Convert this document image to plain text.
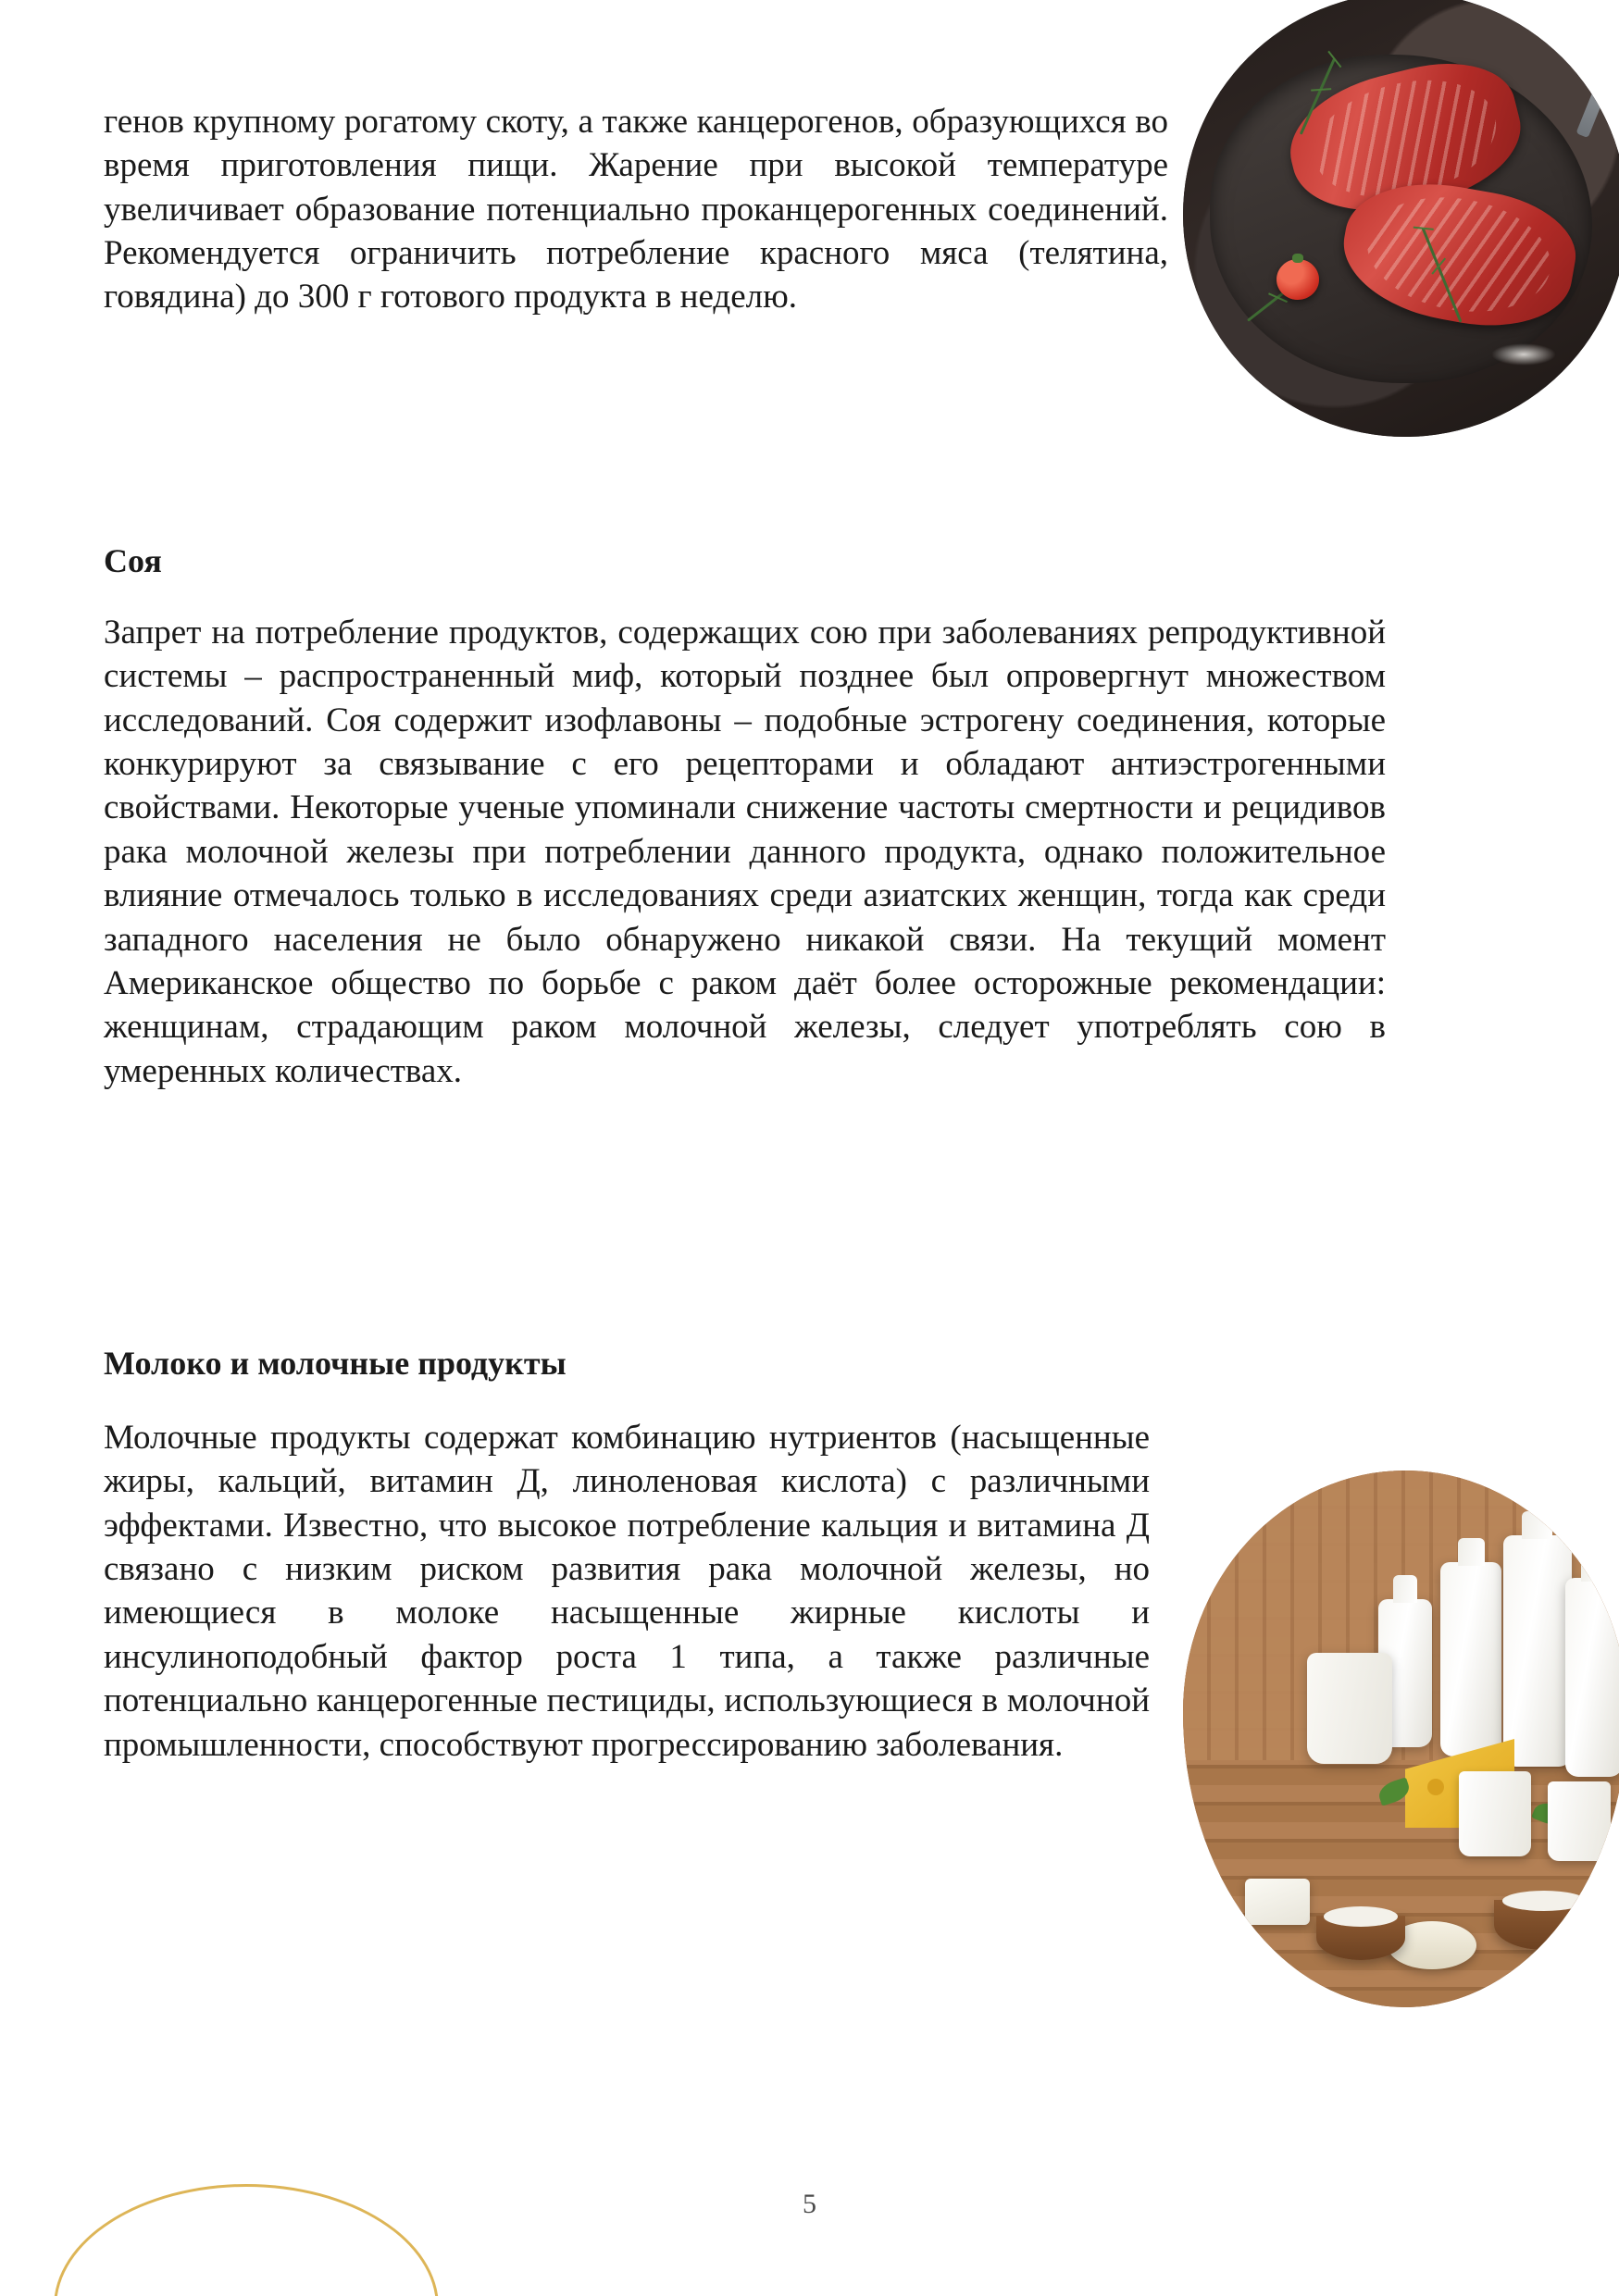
генов крупному рогатому скоту, а также канцерогенов, образующихся во время приготовления пищи. Жарение при высокой температуре увеличивает образование потенциально проканцерогенных соединений. Рекомендуется ограничить потребление красного мяса (телятина, говядина) до 300 г готового продукта в неделю.

Соя

Запрет на потребление продуктов, содержащих сою при заболеваниях репродуктивной системы – распространенный миф, который позднее был опровергнут множеством исследований. Соя содержит изофлавоны – подобные эстрогену соединения, которые конкурируют за связывание с его рецепторами и обладают антиэстрогенными свойствами. Некоторые ученые упоминали снижение частоты смертности и рецидивов рака молочной железы при потреблении данного продукта, однако положительное влияние отмечалось только в исследованиях среди азиатских женщин, тогда как среди западного населения не было обнаружено никакой связи. На текущий момент Американское общество по борьбе с раком даёт более осторожные рекомендации: женщинам, страдающим раком молочной железы, следует употреблять сою в умеренных количествах.

Молоко и молочные продукты

Молочные продукты содержат комбинацию нутриентов (насыщенные жиры, кальций, витамин Д, линоленовая кислота) с различными эффектами. Известно, что высокое потребление кальция и витамина Д связано с низким риском развития рака молочной железы, но имеющиеся в молоке насыщенные жирные кислоты и инсулиноподобный фактор роста 1 типа, а также различные потенциально канцерогенные пестициды, использующиеся в молочной промышленности, способствуют прогрессированию заболевания.

5
